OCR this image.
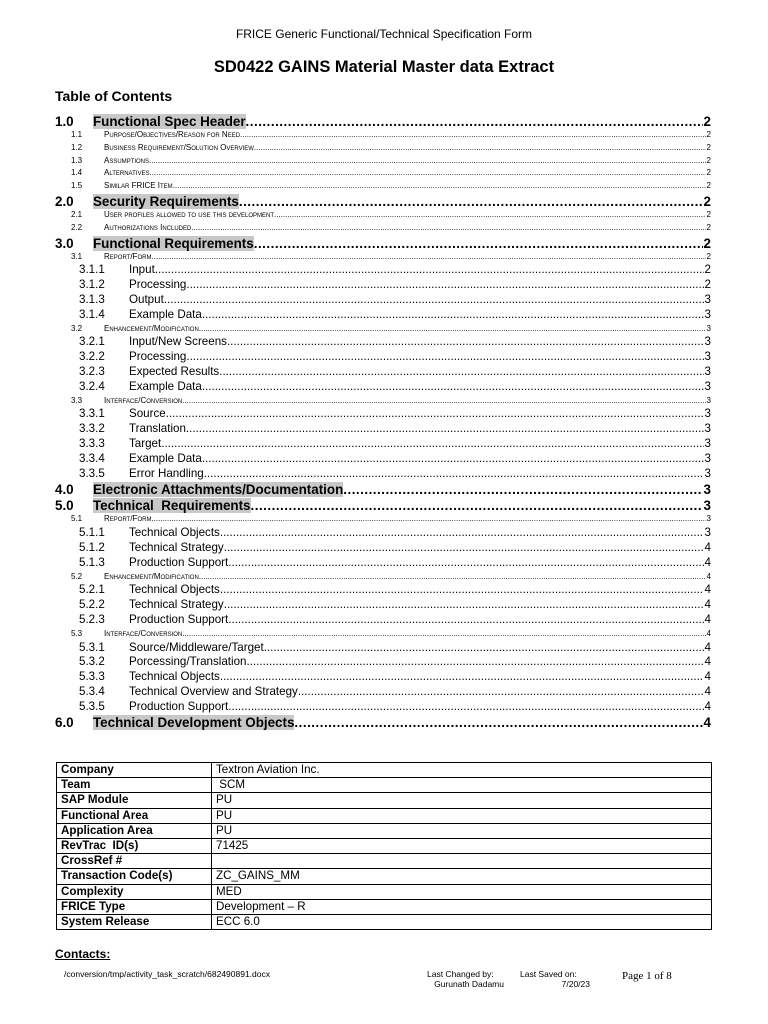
FRICE Generic Functional/Technical Specification Form
SD0422 GAINS Material Master data Extract
Table of Contents
1.0	Functional Spec Header .....	2
1.1	Purpose/Objectives/Reason for Need .....	2
1.2	Business Requirement/Solution Overview .....	2
1.3	Assumptions .....	2
1.4	Alternatives .....	2
1.5	Similar FRICE Item .....	2
2.0	Security Requirements .....	2
2.1	User profiles allowed to use this development .....	2
2.2	Authorizations Included .....	2
3.0	Functional Requirements .....	2
3.1	Report/Form .....	2
3.1.1	Input .....	2
3.1.2	Processing .....	2
3.1.3	Output .....	3
3.1.4	Example Data .....	3
3.2	Enhancement/Modification .....	3
3.2.1	Input/New Screens .....	3
3.2.2	Processing .....	3
3.2.3	Expected Results .....	3
3.2.4	Example Data .....	3
3.3	Interface/Conversion .....	3
3.3.1	Source .....	3
3.3.2	Translation .....	3
3.3.3	Target .....	3
3.3.4	Example Data .....	3
3.3.5	Error Handling .....	3
4.0	Electronic Attachments/Documentation .....	3
5.0	Technical  Requirements .....	3
5.1	Report/Form .....	3
5.1.1	Technical Objects .....	3
5.1.2	Technical Strategy .....	4
5.1.3	Production Support .....	4
5.2	Enhancement/Modification .....	4
5.2.1	Technical Objects .....	4
5.2.2	Technical Strategy .....	4
5.2.3	Production Support .....	4
5.3	Interface/Conversion .....	4
5.3.1	Source/Middleware/Target .....	4
5.3.2	Porcessing/Translation .....	4
5.3.3	Technical Objects .....	4
5.3.4	Technical Overview and Strategy .....	4
5.3.5	Production Support .....	4
6.0	Technical Development Objects .....	4
Company	Textron Aviation Inc.
Team	SCM
SAP Module	PU
Functional Area	PU
Application Area	PU
RevTrac  ID(s)	71425
CrossRef #	
Transaction Code(s)	ZC_GAINS_MM
Complexity	MED
FRICE Type	Development – R
System Release	ECC 6.0
Contacts:
/conversion/tmp/activity_task_scratch/682490891.docx	Last Changed by:
Gurunath Dadamu
Last Saved on:
7/20/23
Page 1 of 8
